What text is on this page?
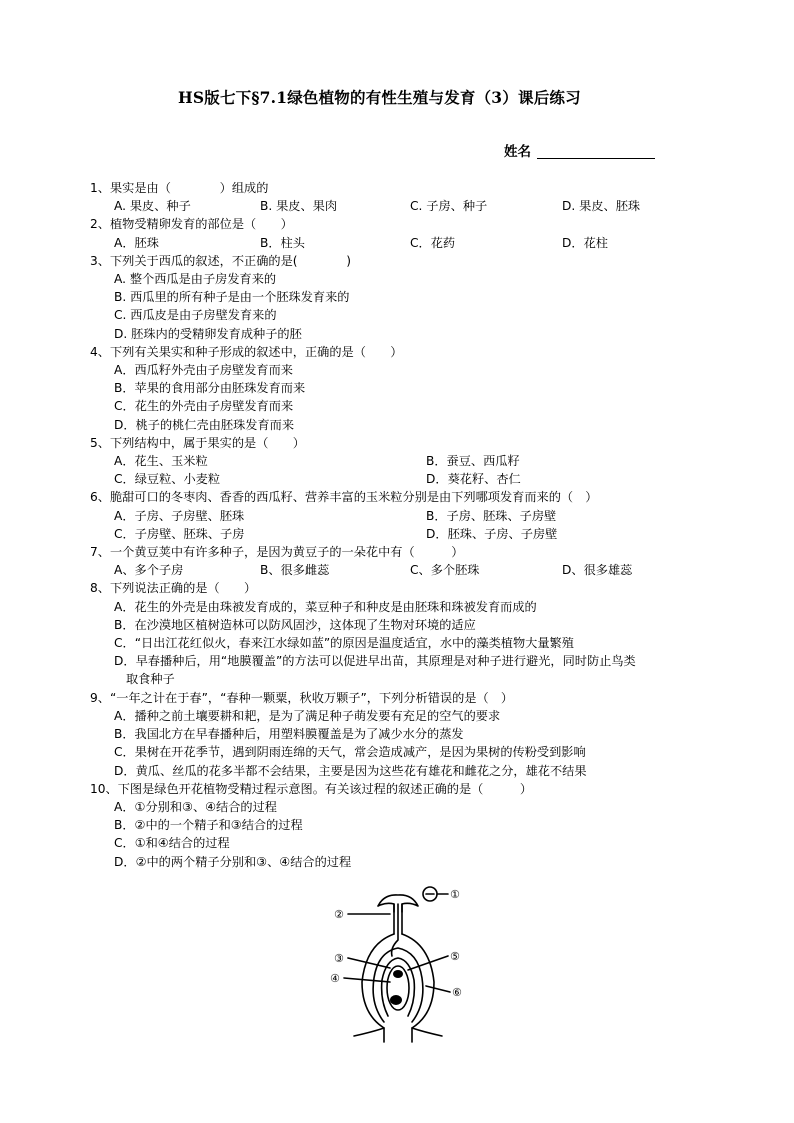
HS版七下§7.1绿色植物的有性生殖与发育（3）课后练习
姓名
1、果实是由（　　　　）组成的
A. 果皮、种子	B. 果皮、果肉	C. 子房、种子	D. 果皮、胚珠
2、植物受精卵发育的部位是（　　）
A．胚珠	B．柱头	C．花药	D．花柱
3、下列关于西瓜的叙述，不正确的是(　　　　)
A. 整个西瓜是由子房发育来的
B. 西瓜里的所有种子是由一个胚珠发育来的
C. 西瓜皮是由子房壁发育来的
D. 胚珠内的受精卵发育成种子的胚
4、下列有关果实和种子形成的叙述中，正确的是（　　）
A．西瓜籽外壳由子房壁发育而来
B．苹果的食用部分由胚珠发育而来
C．花生的外壳由子房壁发育而来
D．桃子的桃仁壳由胚珠发育而来
5、下列结构中，属于果实的是（　　）
A．花生、玉米粒	B．蚕豆、西瓜籽
C．绿豆粒、小麦粒	D．葵花籽、杏仁
6、脆甜可口的冬枣肉、香香的西瓜籽、营养丰富的玉米粒分别是由下列哪项发育而来的（　）
A．子房、子房壁、胚珠	B．子房、胚珠、子房壁
C．子房壁、胚珠、子房	D．胚珠、子房、子房壁
7、一个黄豆荚中有许多种子，是因为黄豆子的一朵花中有（　　　）
A、多个子房	B、很多雌蕊	C、多个胚珠	D、很多雄蕊
8、下列说法正确的是（　　）
A．花生的外壳是由珠被发育成的，菜豆种子和种皮是由胚珠和珠被发育而成的
B．在沙漠地区植树造林可以防风固沙，这体现了生物对环境的适应
C．“日出江花红似火，春来江水绿如蓝”的原因是温度适宜，水中的藻类植物大量繁殖
D．早春播种后，用“地膜覆盖”的方法可以促进早出苗，其原理是对种子进行避光，同时防止鸟类
取食种子
9、“一年之计在于春”，“春种一颗粟，秋收万颗子”，下列分析错误的是（　）
A．播种之前土壤要耕和耙，是为了满足种子萌发要有充足的空气的要求
B．我国北方在早春播种后，用塑料膜覆盖是为了减少水分的蒸发
C．果树在开花季节，遇到阴雨连绵的天气，常会造成减产，是因为果树的传粉受到影响
D．黄瓜、丝瓜的花多半都不会结果，主要是因为这些花有雄花和雌花之分，雄花不结果
10、下图是绿色开花植物受精过程示意图。有关该过程的叙述正确的是（　　　）
A．①分别和③、④结合的过程
B．②中的一个精子和③结合的过程
C．①和④结合的过程
D．②中的两个精子分别和③、④结合的过程
①
②
③
④
⑤
⑥
